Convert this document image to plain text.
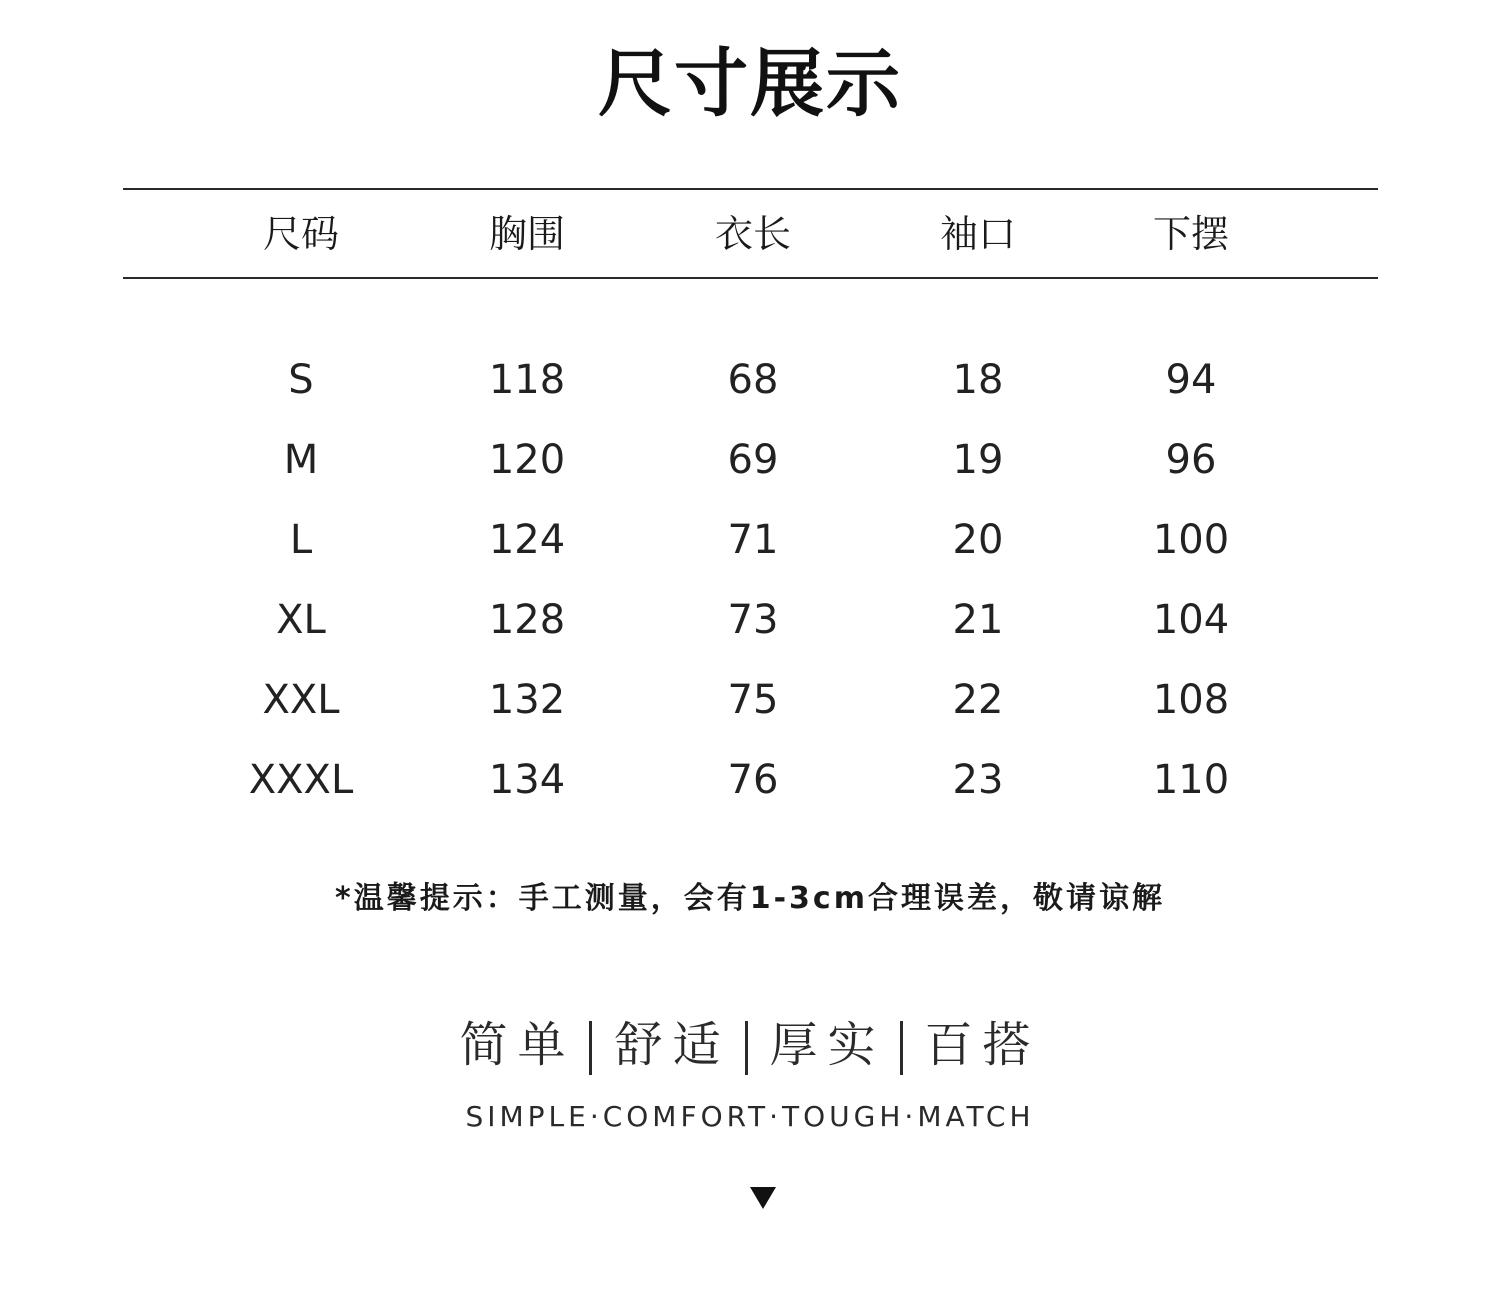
尺寸展示
尺码	胸围	衣长	袖口	下摆
S	118	68	18	94
M	120	69	19	96
L	124	71	20	100
XL	128	73	21	104
XXL	132	75	22	108
XXXL	134	76	23	110
*温馨提示：手工测量，会有1-3cm合理误差，敬请谅解
简单 舒适 厚实 百搭
SIMPLE·COMFORT·TOUGH·MATCH
